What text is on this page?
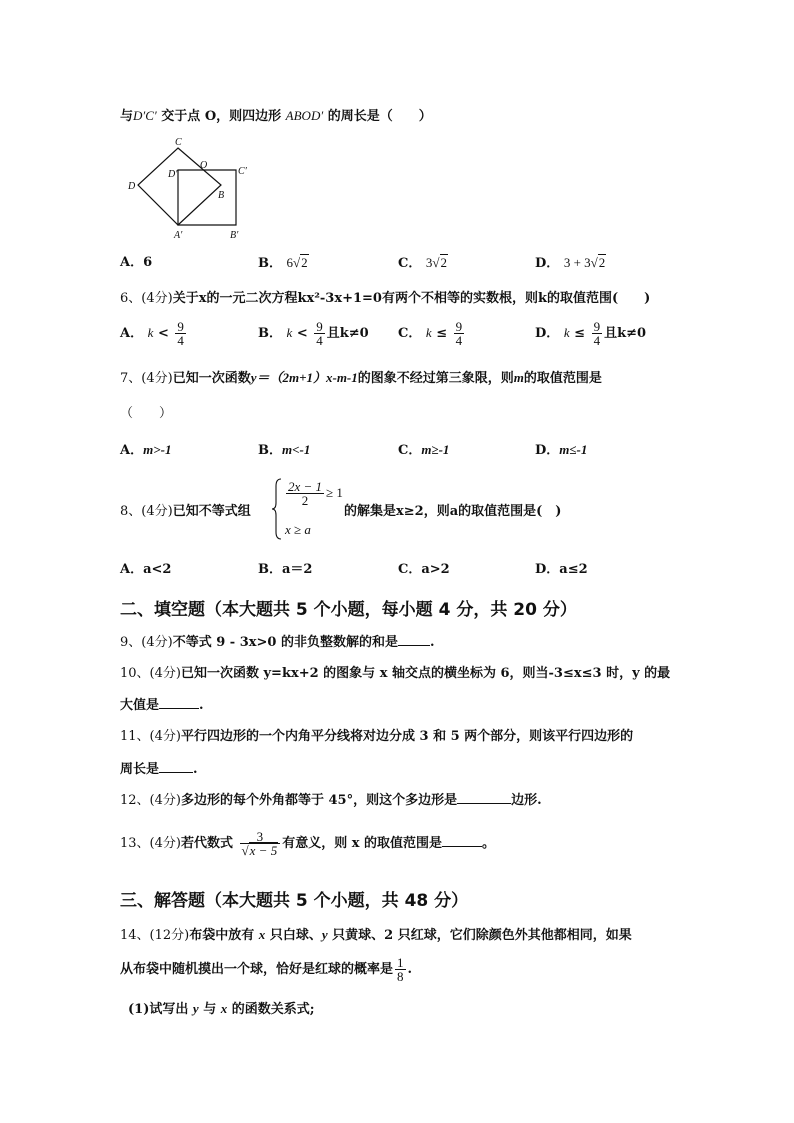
与D′C′ 交于点 O，则四边形 ABOD′ 的周长是（　　）
C
D′
O
C′
D
B
A′	B′
A．6	B． 6√2	C． 3√2	D． 3 + 3√2
6、(4分)关于x的一元二次方程kx²-3x+1=0有两个不相等的实数根，则k的取值范围(　　)
A． $k < \frac{9}{4}$	B． $k < \frac{9}{4}$ 且k≠0 C． $k \le \frac{9}{4}$	D． $k \le \frac{9}{4}$ 且k≠0
7、(4分)已知一次函数y＝（2m+1）x-m-1的图象不经过第三象限，则m的取值范围是
（　　）
A．m>-1	B．m<-1	C．m≥-1	D．m≤-1
8、(4分)已知不等式组
$\frac{2x - 1}{2} \ge 1$
x ≥ a
的解集是x≥2，则a的取值范围是(　)
A．a<2	B．a＝2	C．a>2	D．a≤2
二、填空题（本大题共 5 个小题，每小题 4 分，共 20 分）
9、(4分)不等式 9 - 3x>0 的非负整数解的和是 .
10、(4分)已知一次函数 y=kx+2 的图象与 x 轴交点的横坐标为 6，则当-3≤x≤3 时，y 的最
大值是	.
11、(4分)平行四边形的一个内角平分线将对边分成 3 和 5 两个部分，则该平行四边形的
周长是	.
12、(4分)多边形的每个外角都等于 45°，则这个多边形是	边形.
13、(4分)若代数式 $\frac{3}{√x - 5}$ 有意义，则 x 的取值范围是	。
三、解答题（本大题共 5 个小题，共 48 分）
14、(12分)布袋中放有 x 只白球、y 只黄球、2 只红球，它们除颜色外其他都相同，如果
从布袋中随机摸出一个球，恰好是红球的概率是 $\frac{1}{8}$ .
(1)试写出 y 与 x 的函数关系式;
